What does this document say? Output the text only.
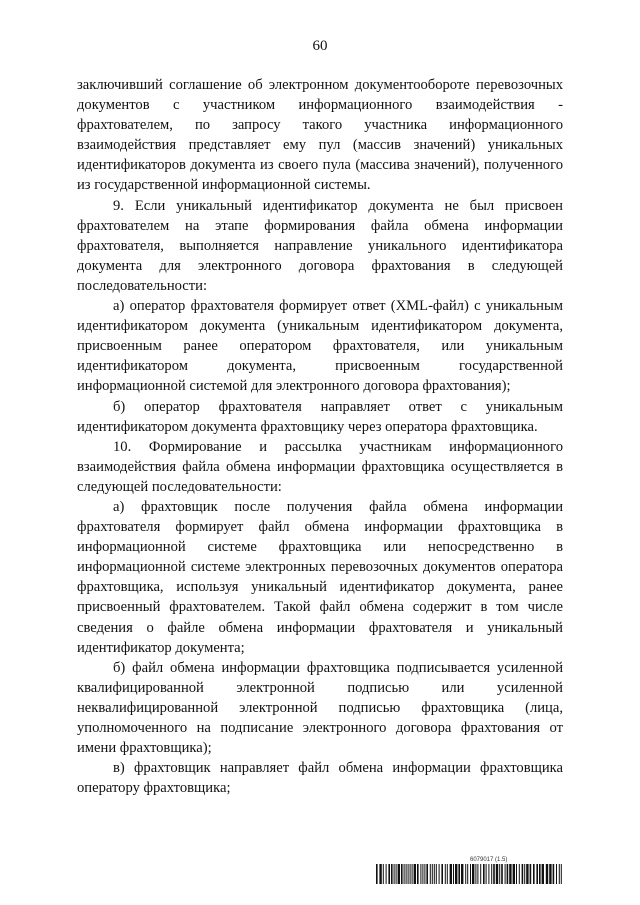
60

заключивший соглашение об электронном документообороте перевозочных документов с участником информационного взаимодействия - фрахтователем, по запросу такого участника информационного взаимодействия представляет ему пул (массив значений) уникальных идентификаторов документа из своего пула (массива значений), полученного из государственной информационной системы.

9. Если уникальный идентификатор документа не был присвоен фрахтователем на этапе формирования файла обмена информации фрахтователя, выполняется направление уникального идентификатора документа для электронного договора фрахтования в следующей последовательности:

а) оператор фрахтователя формирует ответ (XML-файл) с уникальным идентификатором документа (уникальным идентификатором документа, присвоенным ранее оператором фрахтователя, или уникальным идентификатором документа, присвоенным государственной информационной системой для электронного договора фрахтования);

б) оператор фрахтователя направляет ответ с уникальным идентификатором документа фрахтовщику через оператора фрахтовщика.

10. Формирование и рассылка участникам информационного взаимодействия файла обмена информации фрахтовщика осуществляется в следующей последовательности:

а) фрахтовщик после получения файла обмена информации фрахтователя формирует файл обмена информации фрахтовщика в информационной системе фрахтовщика или непосредственно в информационной системе электронных перевозочных документов оператора фрахтовщика, используя уникальный идентификатор документа, ранее присвоенный фрахтователем. Такой файл обмена содержит в том числе сведения о файле обмена информации фрахтователя и уникальный идентификатор документа;

б) файл обмена информации фрахтовщика подписывается усиленной квалифицированной электронной подписью или усиленной неквалифицированной электронной подписью фрахтовщика (лица, уполномоченного на подписание электронного договора фрахтования от имени фрахтовщика);

в) фрахтовщик направляет файл обмена информации фрахтовщика оператору фрахтовщика;

6079017 (1.5)
